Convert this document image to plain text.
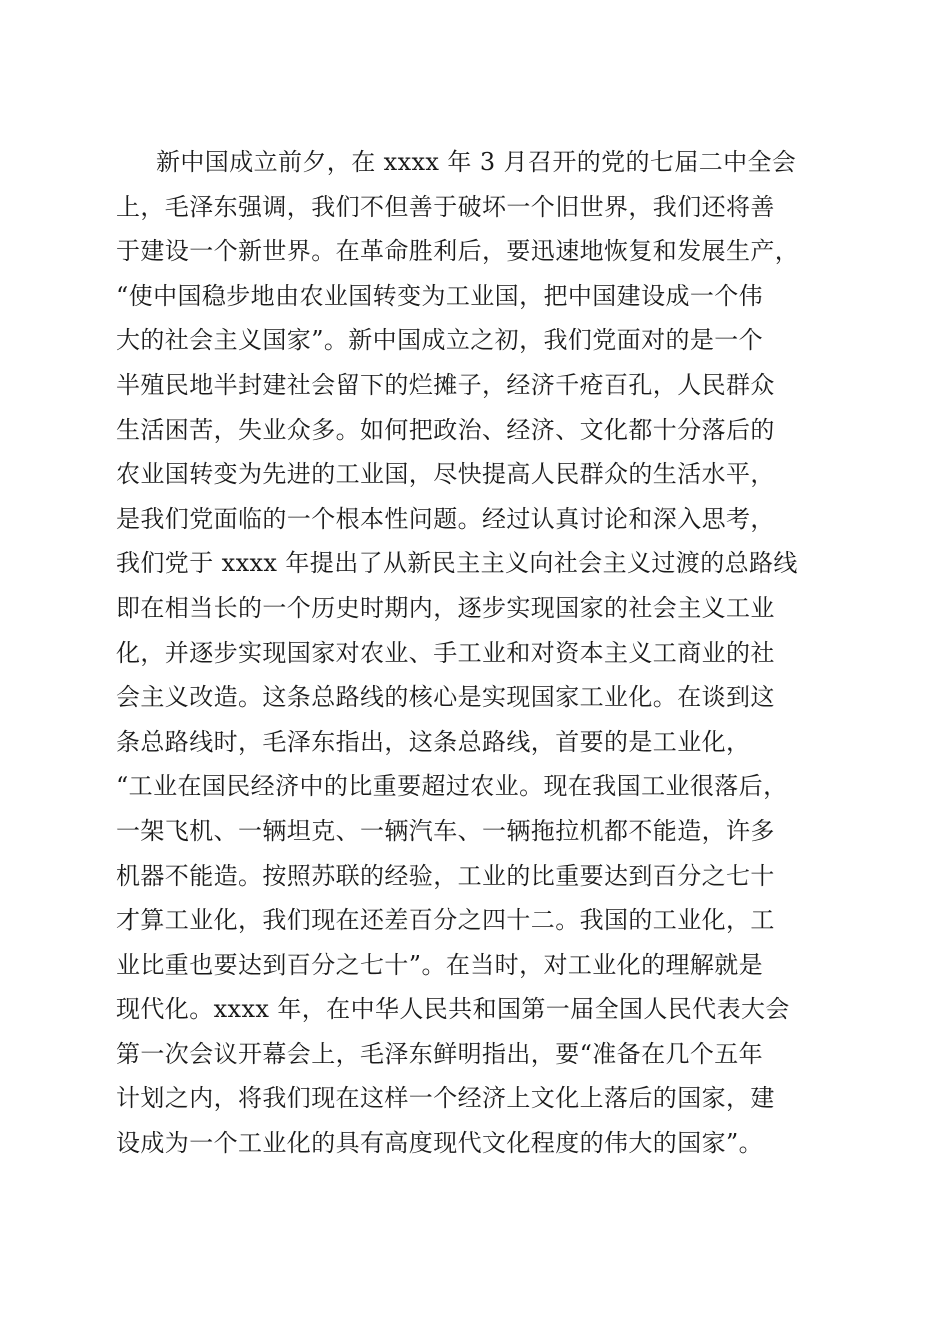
新中国成立前夕，在 xxxx 年 3 月召开的党的七届二中全会
上，毛泽东强调，我们不但善于破坏一个旧世界，我们还将善
于建设一个新世界。在革命胜利后，要迅速地恢复和发展生产，
“使中国稳步地由农业国转变为工业国，把中国建设成一个伟
大的社会主义国家”。新中国成立之初，我们党面对的是一个
半殖民地半封建社会留下的烂摊子，经济千疮百孔，人民群众
生活困苦，失业众多。如何把政治、经济、文化都十分落后的
农业国转变为先进的工业国，尽快提高人民群众的生活水平，
是我们党面临的一个根本性问题。经过认真讨论和深入思考，
我们党于 xxxx 年提出了从新民主主义向社会主义过渡的总路线
即在相当长的一个历史时期内，逐步实现国家的社会主义工业
化，并逐步实现国家对农业、手工业和对资本主义工商业的社
会主义改造。这条总路线的核心是实现国家工业化。在谈到这
条总路线时，毛泽东指出，这条总路线，首要的是工业化，
“工业在国民经济中的比重要超过农业。现在我国工业很落后，
一架飞机、一辆坦克、一辆汽车、一辆拖拉机都不能造，许多
机器不能造。按照苏联的经验，工业的比重要达到百分之七十
才算工业化，我们现在还差百分之四十二。我国的工业化，工
业比重也要达到百分之七十”。在当时，对工业化的理解就是
现代化。xxxx 年，在中华人民共和国第一届全国人民代表大会
第一次会议开幕会上，毛泽东鲜明指出，要“准备在几个五年
计划之内，将我们现在这样一个经济上文化上落后的国家，建
设成为一个工业化的具有高度现代文化程度的伟大的国家”。
